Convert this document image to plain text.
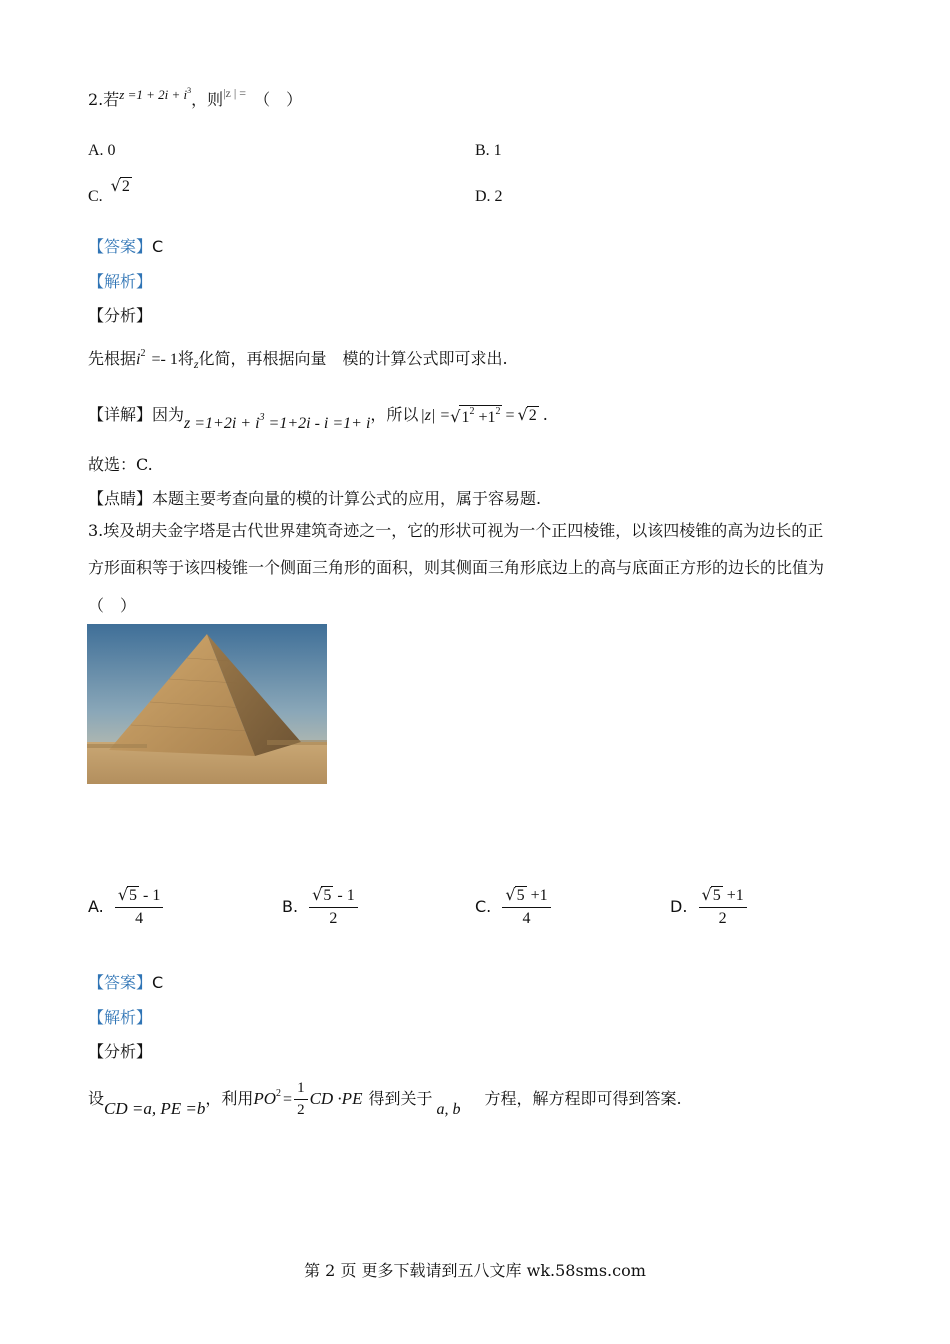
2.若$^{z =1 + 2i + i^3}$，则$^{|z | =}$ （　）
A. 0	B. 1
C. √2
D. 2
【答案】C
【解析】
【分析】
先根据$i^2 =- 1$将$_z$化简，再根据向量　模的计算公式即可求出.
【详解】因为$z =1+2i + i^3 =1+2i - i =1+ i$，所以 $|z| =√1^2 +1^2 = √2$ .
故选：C.
【点睛】本题主要考查向量的模的计算公式的应用，属于容易题.
3.埃及胡夫金字塔是古代世界建筑奇迹之一，它的形状可视为一个正四棱锥，以该四棱锥的高为边长的正
方形面积等于该四棱锥一个侧面三角形的面积，则其侧面三角形底边上的高与底面正方形的边长的比值为
（　）
A. $\frac{√5 - 1}{4}$	B. $\frac{√5 - 1}{2}$	C. $\frac{√5 +1}{4}$	D. $\frac{√5 +1}{2}$
【答案】C
【解析】
【分析】
设CD =a, PE =b，利用$PO^2 = \frac{1}{2}$ CD ·PE 得到关于a, b方程，解方程即可得到答案.
第 2 页 更多下载请到五八文库 wk.58sms.com
